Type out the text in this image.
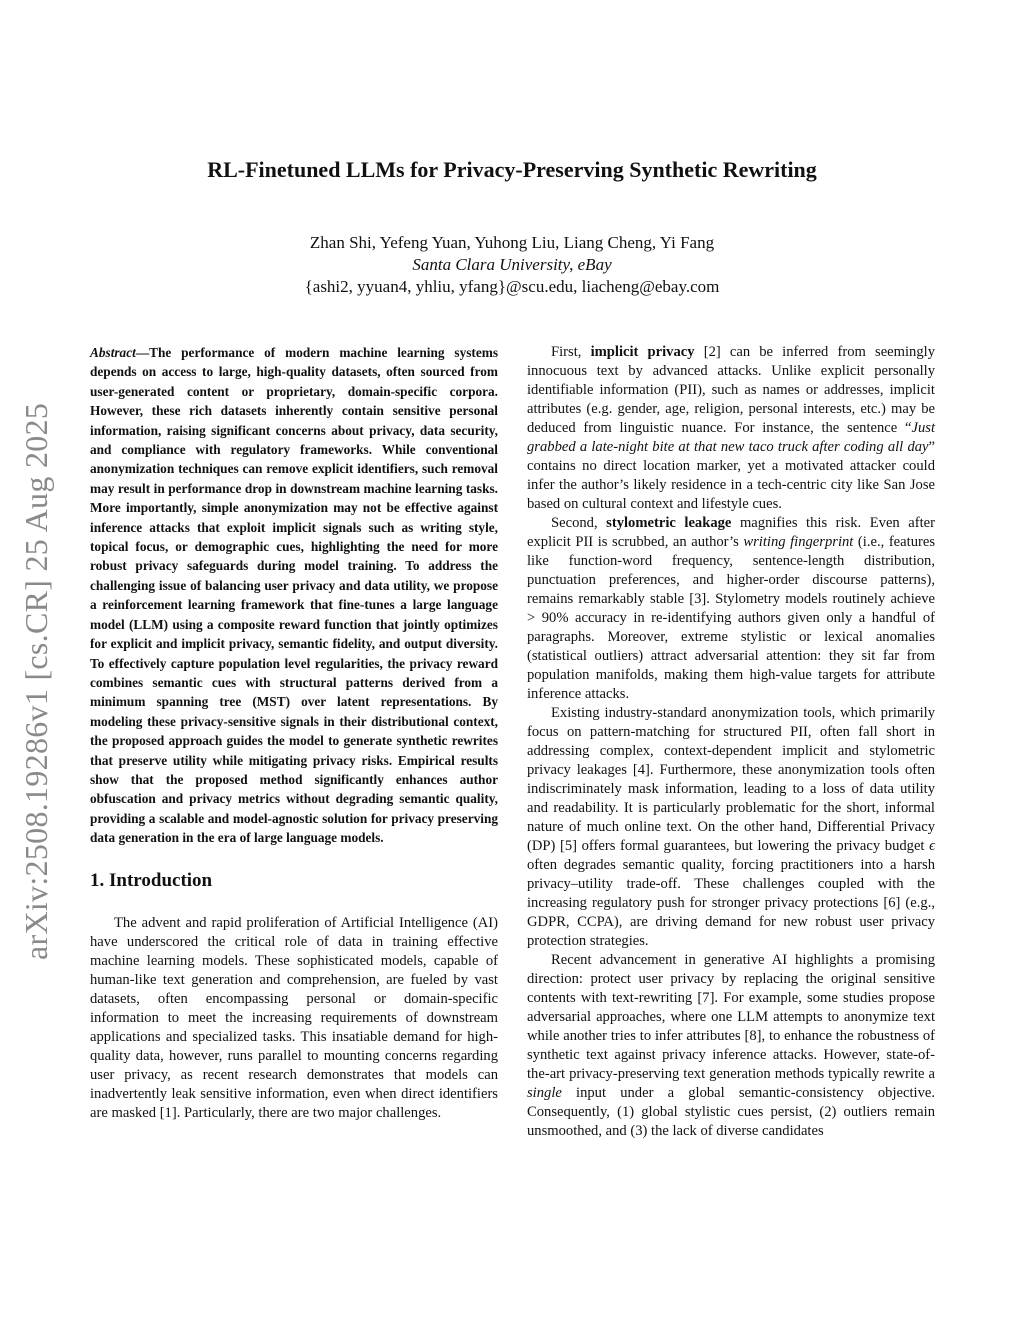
arXiv:2508.19286v1 [cs.CR] 25 Aug 2025
RL-Finetuned LLMs for Privacy-Preserving Synthetic Rewriting
Zhan Shi, Yefeng Yuan, Yuhong Liu, Liang Cheng, Yi Fang
Santa Clara University, eBay
{ashi2, yyuan4, yhliu, yfang}@scu.edu, liacheng@ebay.com

Abstract—The performance of modern machine learning systems depends on access to large, high-quality datasets, often sourced from user-generated content or proprietary, domain-specific corpora. However, these rich datasets inherently contain sensitive personal information, raising significant concerns about privacy, data security, and compliance with regulatory frameworks. While conventional anonymization techniques can remove explicit identifiers, such removal may result in performance drop in downstream machine learning tasks. More importantly, simple anonymization may not be effective against inference attacks that exploit implicit signals such as writing style, topical focus, or demographic cues, highlighting the need for more robust privacy safeguards during model training. To address the challenging issue of balancing user privacy and data utility, we propose a reinforcement learning framework that fine-tunes a large language model (LLM) using a composite reward function that jointly optimizes for explicit and implicit privacy, semantic fidelity, and output diversity. To effectively capture population level regularities, the privacy reward combines semantic cues with structural patterns derived from a minimum spanning tree (MST) over latent representations. By modeling these privacy-sensitive signals in their distributional context, the proposed approach guides the model to generate synthetic rewrites that preserve utility while mitigating privacy risks. Empirical results show that the proposed method significantly enhances author obfuscation and privacy metrics without degrading semantic quality, providing a scalable and model-agnostic solution for privacy preserving data generation in the era of large language models.

1. Introduction

The advent and rapid proliferation of Artificial Intelligence (AI) have underscored the critical role of data in training effective machine learning models. These sophisticated models, capable of human-like text generation and comprehension, are fueled by vast datasets, often encompassing personal or domain-specific information to meet the increasing requirements of downstream applications and specialized tasks. This insatiable demand for high-quality data, however, runs parallel to mounting concerns regarding user privacy, as recent research demonstrates that models can inadvertently leak sensitive information, even when direct identifiers are masked [1]. Particularly, there are two major challenges.

First, implicit privacy [2] can be inferred from seemingly innocuous text by advanced attacks. Unlike explicit personally identifiable information (PII), such as names or addresses, implicit attributes (e.g. gender, age, religion, personal interests, etc.) may be deduced from linguistic nuance. For instance, the sentence “Just grabbed a late-night bite at that new taco truck after coding all day” contains no direct location marker, yet a motivated attacker could infer the author’s likely residence in a tech-centric city like San Jose based on cultural context and lifestyle cues.

Second, stylometric leakage magnifies this risk. Even after explicit PII is scrubbed, an author’s writing fingerprint (i.e., features like function-word frequency, sentence-length distribution, punctuation preferences, and higher-order discourse patterns), remains remarkably stable [3]. Stylometry models routinely achieve > 90% accuracy in re-identifying authors given only a handful of paragraphs. Moreover, extreme stylistic or lexical anomalies (statistical outliers) attract adversarial attention: they sit far from population manifolds, making them high-value targets for attribute inference attacks.

Existing industry-standard anonymization tools, which primarily focus on pattern-matching for structured PII, often fall short in addressing complex, context-dependent implicit and stylometric privacy leakages [4]. Furthermore, these anonymization tools often indiscriminately mask information, leading to a loss of data utility and readability. It is particularly problematic for the short, informal nature of much online text. On the other hand, Differential Privacy (DP) [5] offers formal guarantees, but lowering the privacy budget ϵ often degrades semantic quality, forcing practitioners into a harsh privacy–utility trade-off. These challenges coupled with the increasing regulatory push for stronger privacy protections [6] (e.g., GDPR, CCPA), are driving demand for new robust user privacy protection strategies.

Recent advancement in generative AI highlights a promising direction: protect user privacy by replacing the original sensitive contents with text-rewriting [7]. For example, some studies propose adversarial approaches, where one LLM attempts to anonymize text while another tries to infer attributes [8], to enhance the robustness of synthetic text against privacy inference attacks. However, state-of-the-art privacy-preserving text generation methods typically rewrite a single input under a global semantic-consistency objective. Consequently, (1) global stylistic cues persist, (2) outliers remain unsmoothed, and (3) the lack of diverse candidates
